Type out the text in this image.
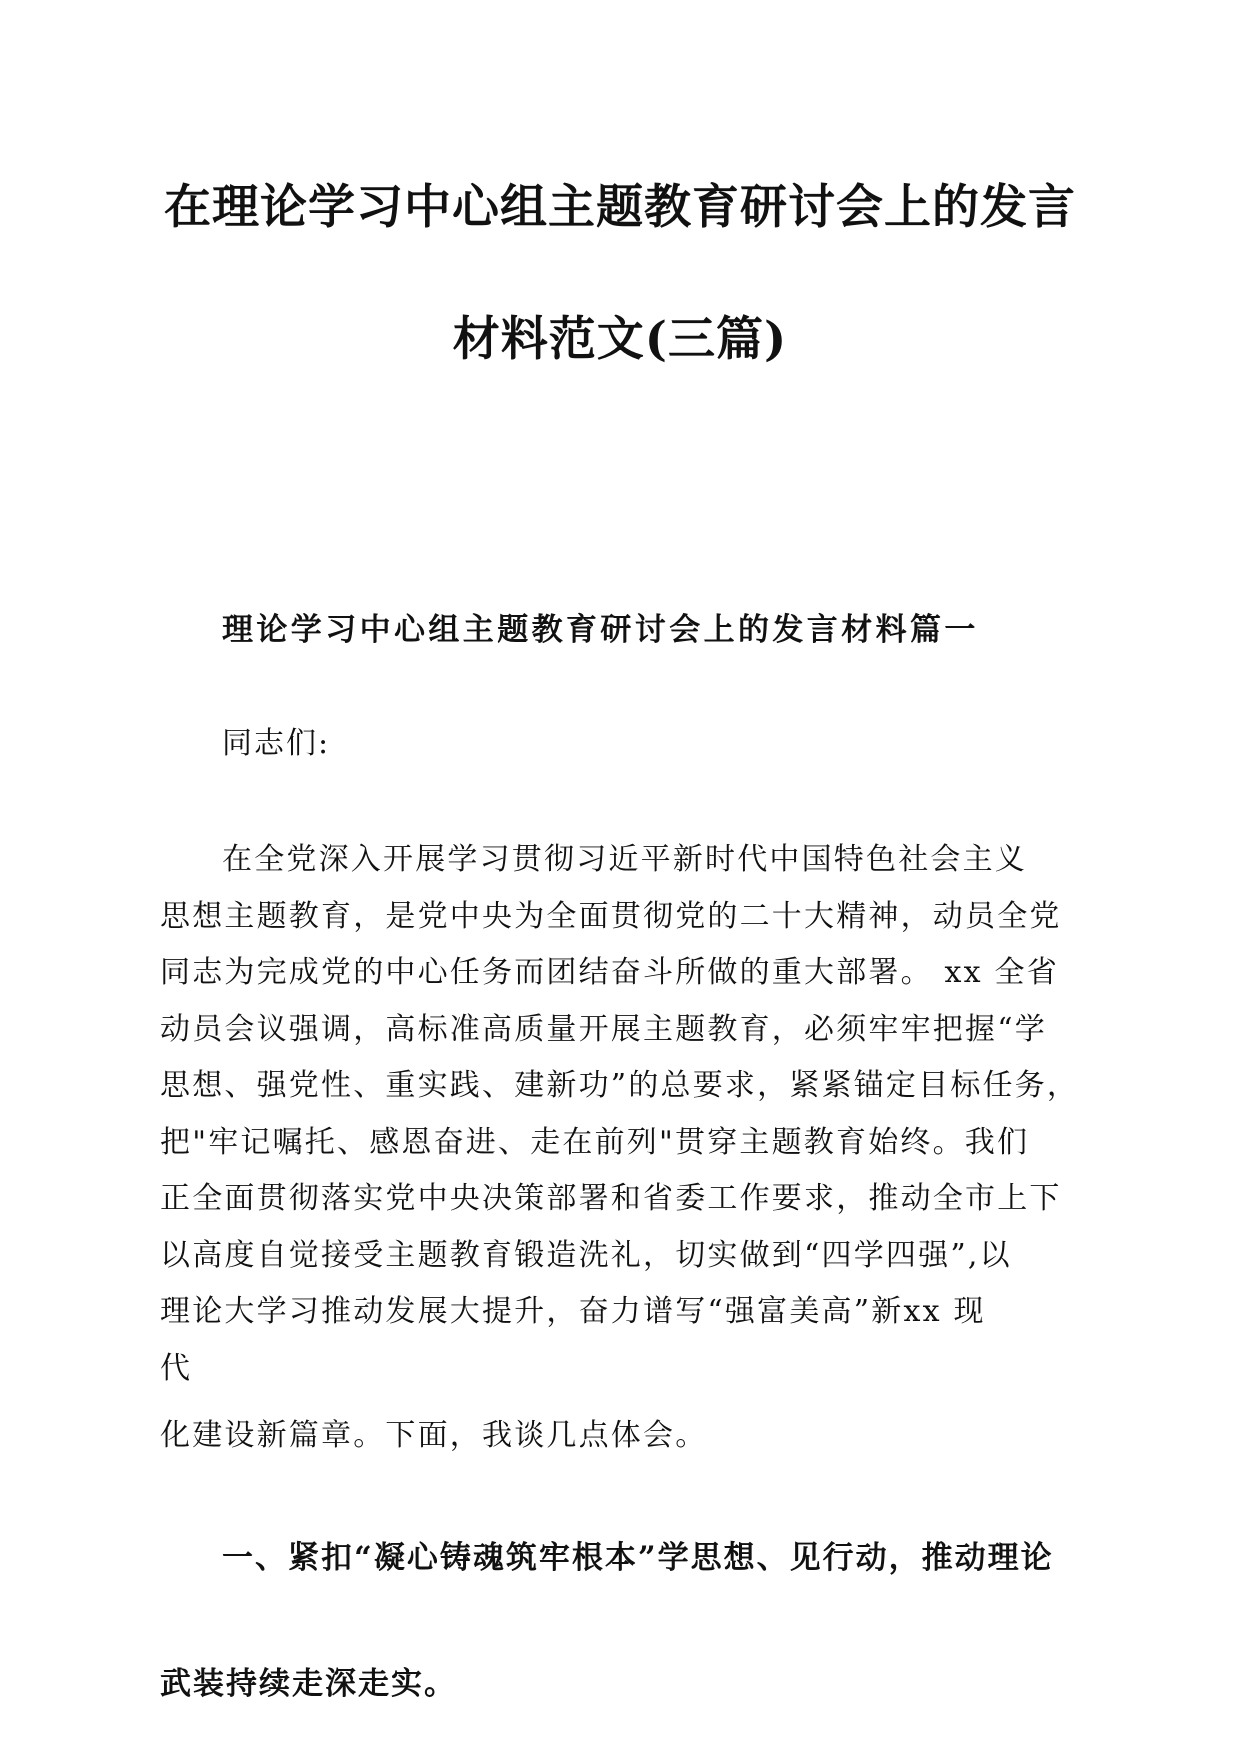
在理论学习中心组主题教育研讨会上的发言
材料范文(三篇)
理论学习中心组主题教育研讨会上的发言材料篇一
同志们:
在全党深入开展学习贯彻习近平新时代中国特色社会主义
思想主题教育，是党中央为全面贯彻党的二十大精神，动员全党
同志为完成党的中心任务而团结奋斗所做的重大部署。 xx 全省
动员会议强调，高标准高质量开展主题教育，必须牢牢把握“学
思想、强党性、重实践、建新功”的总要求，紧紧锚定目标任务，
把"牢记嘱托、感恩奋进、走在前列"贯穿主题教育始终。我们
正全面贯彻落实党中央决策部署和省委工作要求，推动全市上下
以高度自觉接受主题教育锻造洗礼，切实做到“四学四强”,以
理论大学习推动发展大提升，奋力谱写“强富美高”新xx 现
代
化建设新篇章。下面，我谈几点体会。
一、紧扣“凝心铸魂筑牢根本”学思想、见行动，推动理论
武装持续走深走实。
